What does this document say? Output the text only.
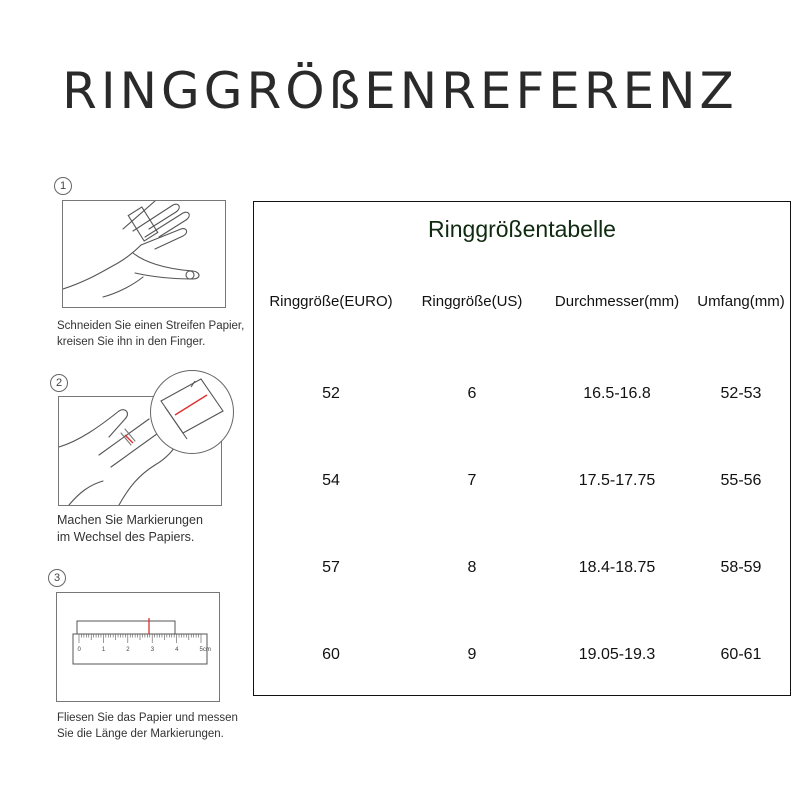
RINGGRÖßENREFERENZ
1
Schneiden Sie einen Streifen Papier,
kreisen Sie ihn in den Finger.
2
Machen Sie Markierungen
im Wechsel des Papiers.
3
0	1	2	3	4	5cm
Fliesen Sie das Papier und messen
Sie die Länge der Markierungen.
Ringgrößentabelle
Ringgröße(EURO)	Ringgröße(US)	Durchmesser(mm)	Umfang(mm)
52	6	16.5-16.8	52-53
54	7	17.5-17.75	55-56
57	8	18.4-18.75	58-59
60	9	19.05-19.3	60-61
